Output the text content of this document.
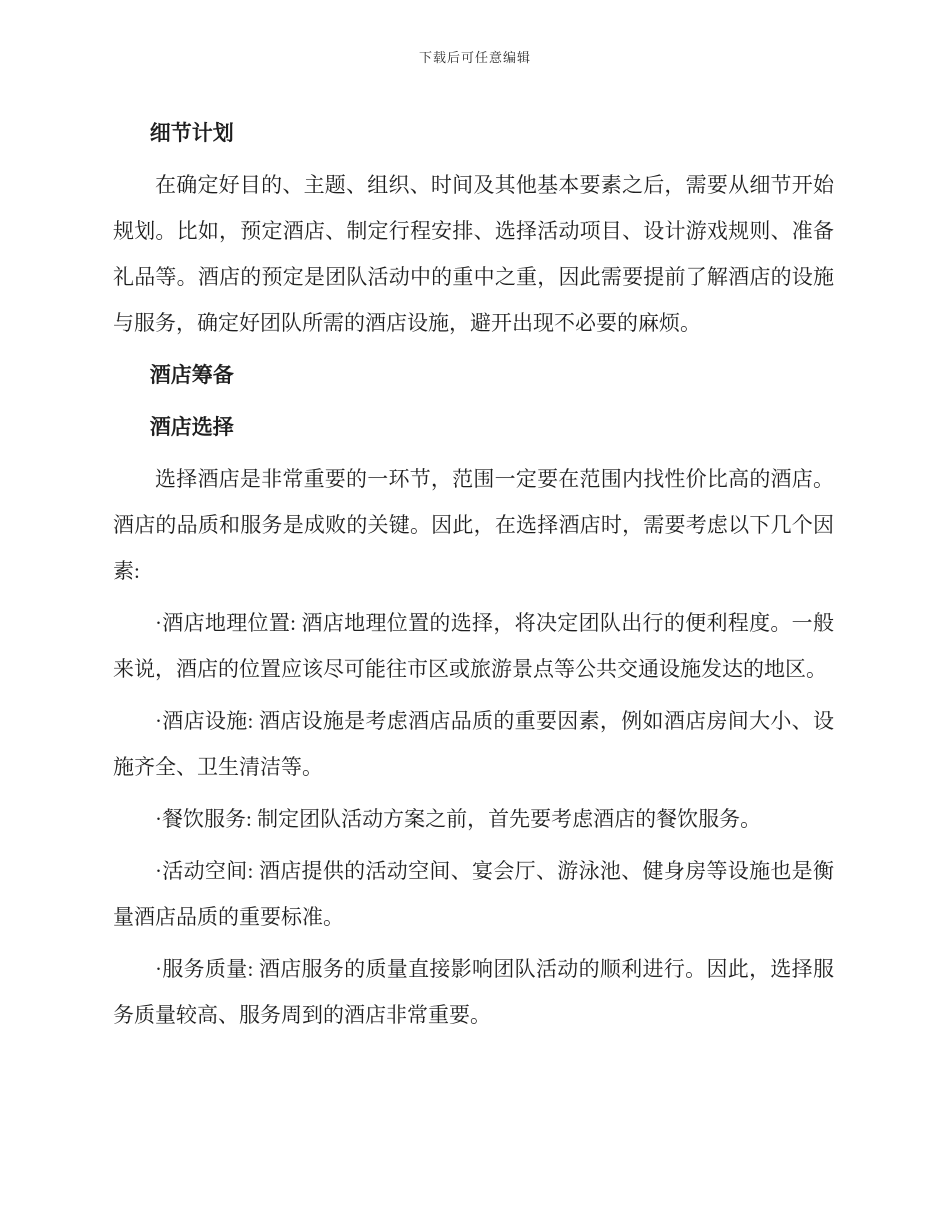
下载后可任意编辑
细节计划

在确定好目的、主题、组织、时间及其他基本要素之后，需要从细节开始规划。比如，预定酒店、制定行程安排、选择活动项目、设计游戏规则、准备礼品等。酒店的预定是团队活动中的重中之重，因此需要提前了解酒店的设施与服务，确定好团队所需的酒店设施，避开出现不必要的麻烦。

酒店筹备
酒店选择

选择酒店是非常重要的一环节，范围一定要在范围内找性价比高的酒店。酒店的品质和服务是成败的关键。因此，在选择酒店时，需要考虑以下几个因素:

·酒店地理位置: 酒店地理位置的选择，将决定团队出行的便利程度。一般来说，酒店的位置应该尽可能往市区或旅游景点等公共交通设施发达的地区。

·酒店设施: 酒店设施是考虑酒店品质的重要因素，例如酒店房间大小、设施齐全、卫生清洁等。

·餐饮服务: 制定团队活动方案之前，首先要考虑酒店的餐饮服务。

·活动空间: 酒店提供的活动空间、宴会厅、游泳池、健身房等设施也是衡量酒店品质的重要标准。

·服务质量: 酒店服务的质量直接影响团队活动的顺利进行。因此，选择服务质量较高、服务周到的酒店非常重要。
